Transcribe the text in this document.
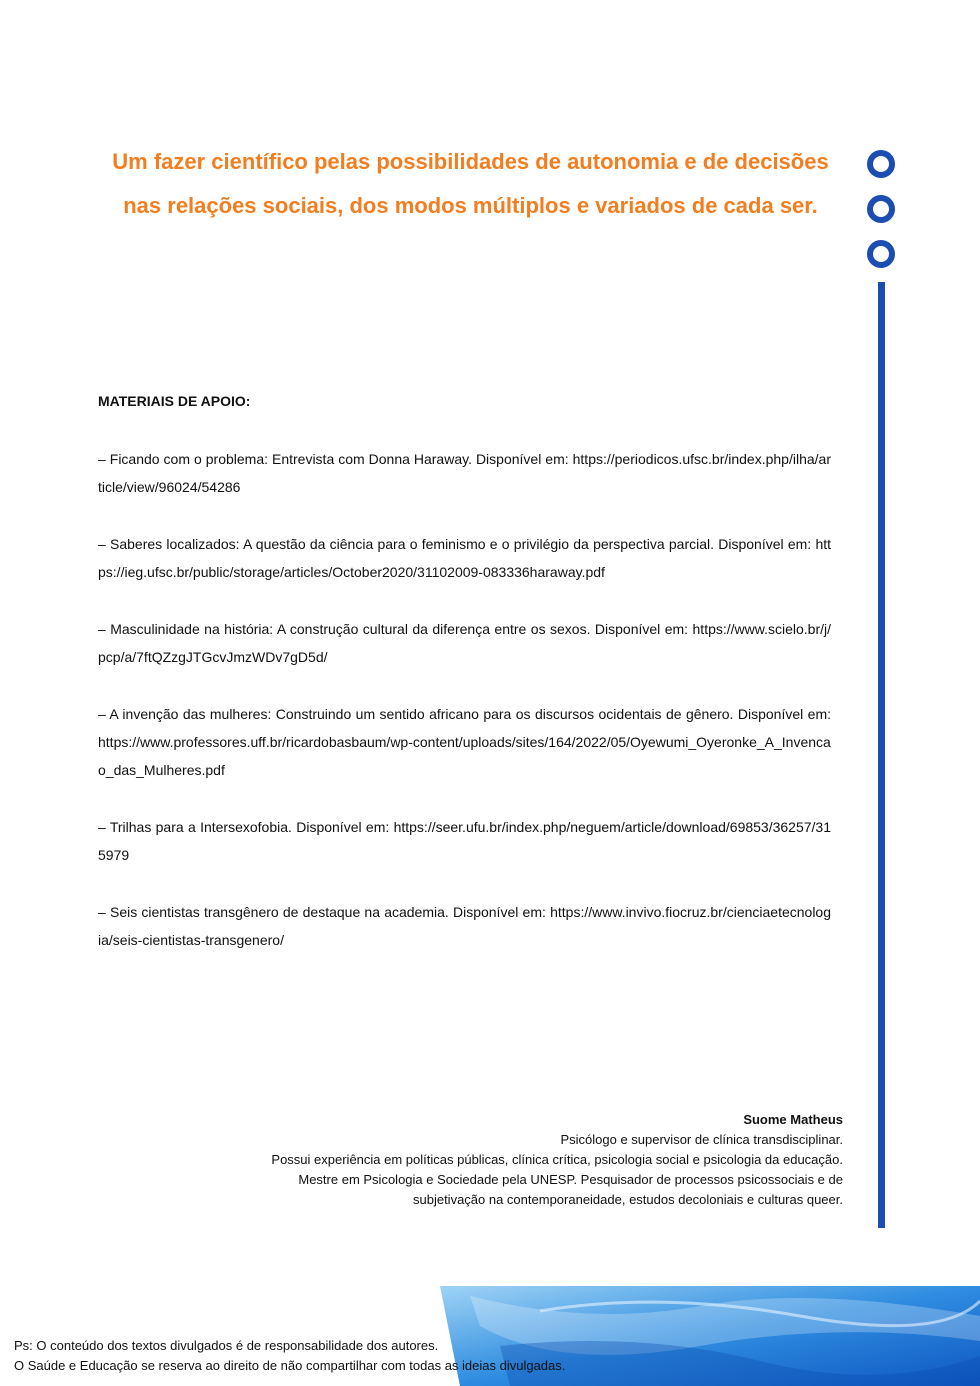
Um fazer científico pelas possibilidades de autonomia e de decisões nas relações sociais, dos modos múltiplos e variados de cada ser.
MATERIAIS DE APOIO:

– Ficando com o problema: Entrevista com Donna Haraway. Disponível em: https://periodicos.ufsc.br/index.php/ilha/article/view/96024/54286

– Saberes localizados: A questão da ciência para o feminismo e o privilégio da perspectiva parcial. Disponível em: https://ieg.ufsc.br/public/storage/articles/October2020/31102009-083336haraway.pdf

– Masculinidade na história: A construção cultural da diferença entre os sexos. Disponível em: https://www.scielo.br/j/pcp/a/7ftQZzgJTGcvJmzWDv7gD5d/

– A invenção das mulheres: Construindo um sentido africano para os discursos ocidentais de gênero. Disponível em: https://www.professores.uff.br/ricardobasbaum/wp-content/uploads/sites/164/2022/05/Oyewumi_Oyeronke_A_Invencao_das_Mulheres.pdf

– Trilhas para a Intersexofobia. Disponível em: https://seer.ufu.br/index.php/neguem/article/download/69853/36257/315979

– Seis cientistas transgênero de destaque na academia. Disponível em: https://www.invivo.fiocruz.br/cienciaetecnologia/seis-cientistas-transgenero/

Suome Matheus
Psicólogo e supervisor de clínica transdisciplinar.
Possui experiência em políticas públicas, clínica crítica, psicologia social e psicologia da educação.
Mestre em Psicologia e Sociedade pela UNESP. Pesquisador de processos psicossociais e de
subjetivação na contemporaneidade, estudos decoloniais e culturas queer.
Ps: O conteúdo dos textos divulgados é de responsabilidade dos autores.
O Saúde e Educação se reserva ao direito de não compartilhar com todas as ideias divulgadas.
